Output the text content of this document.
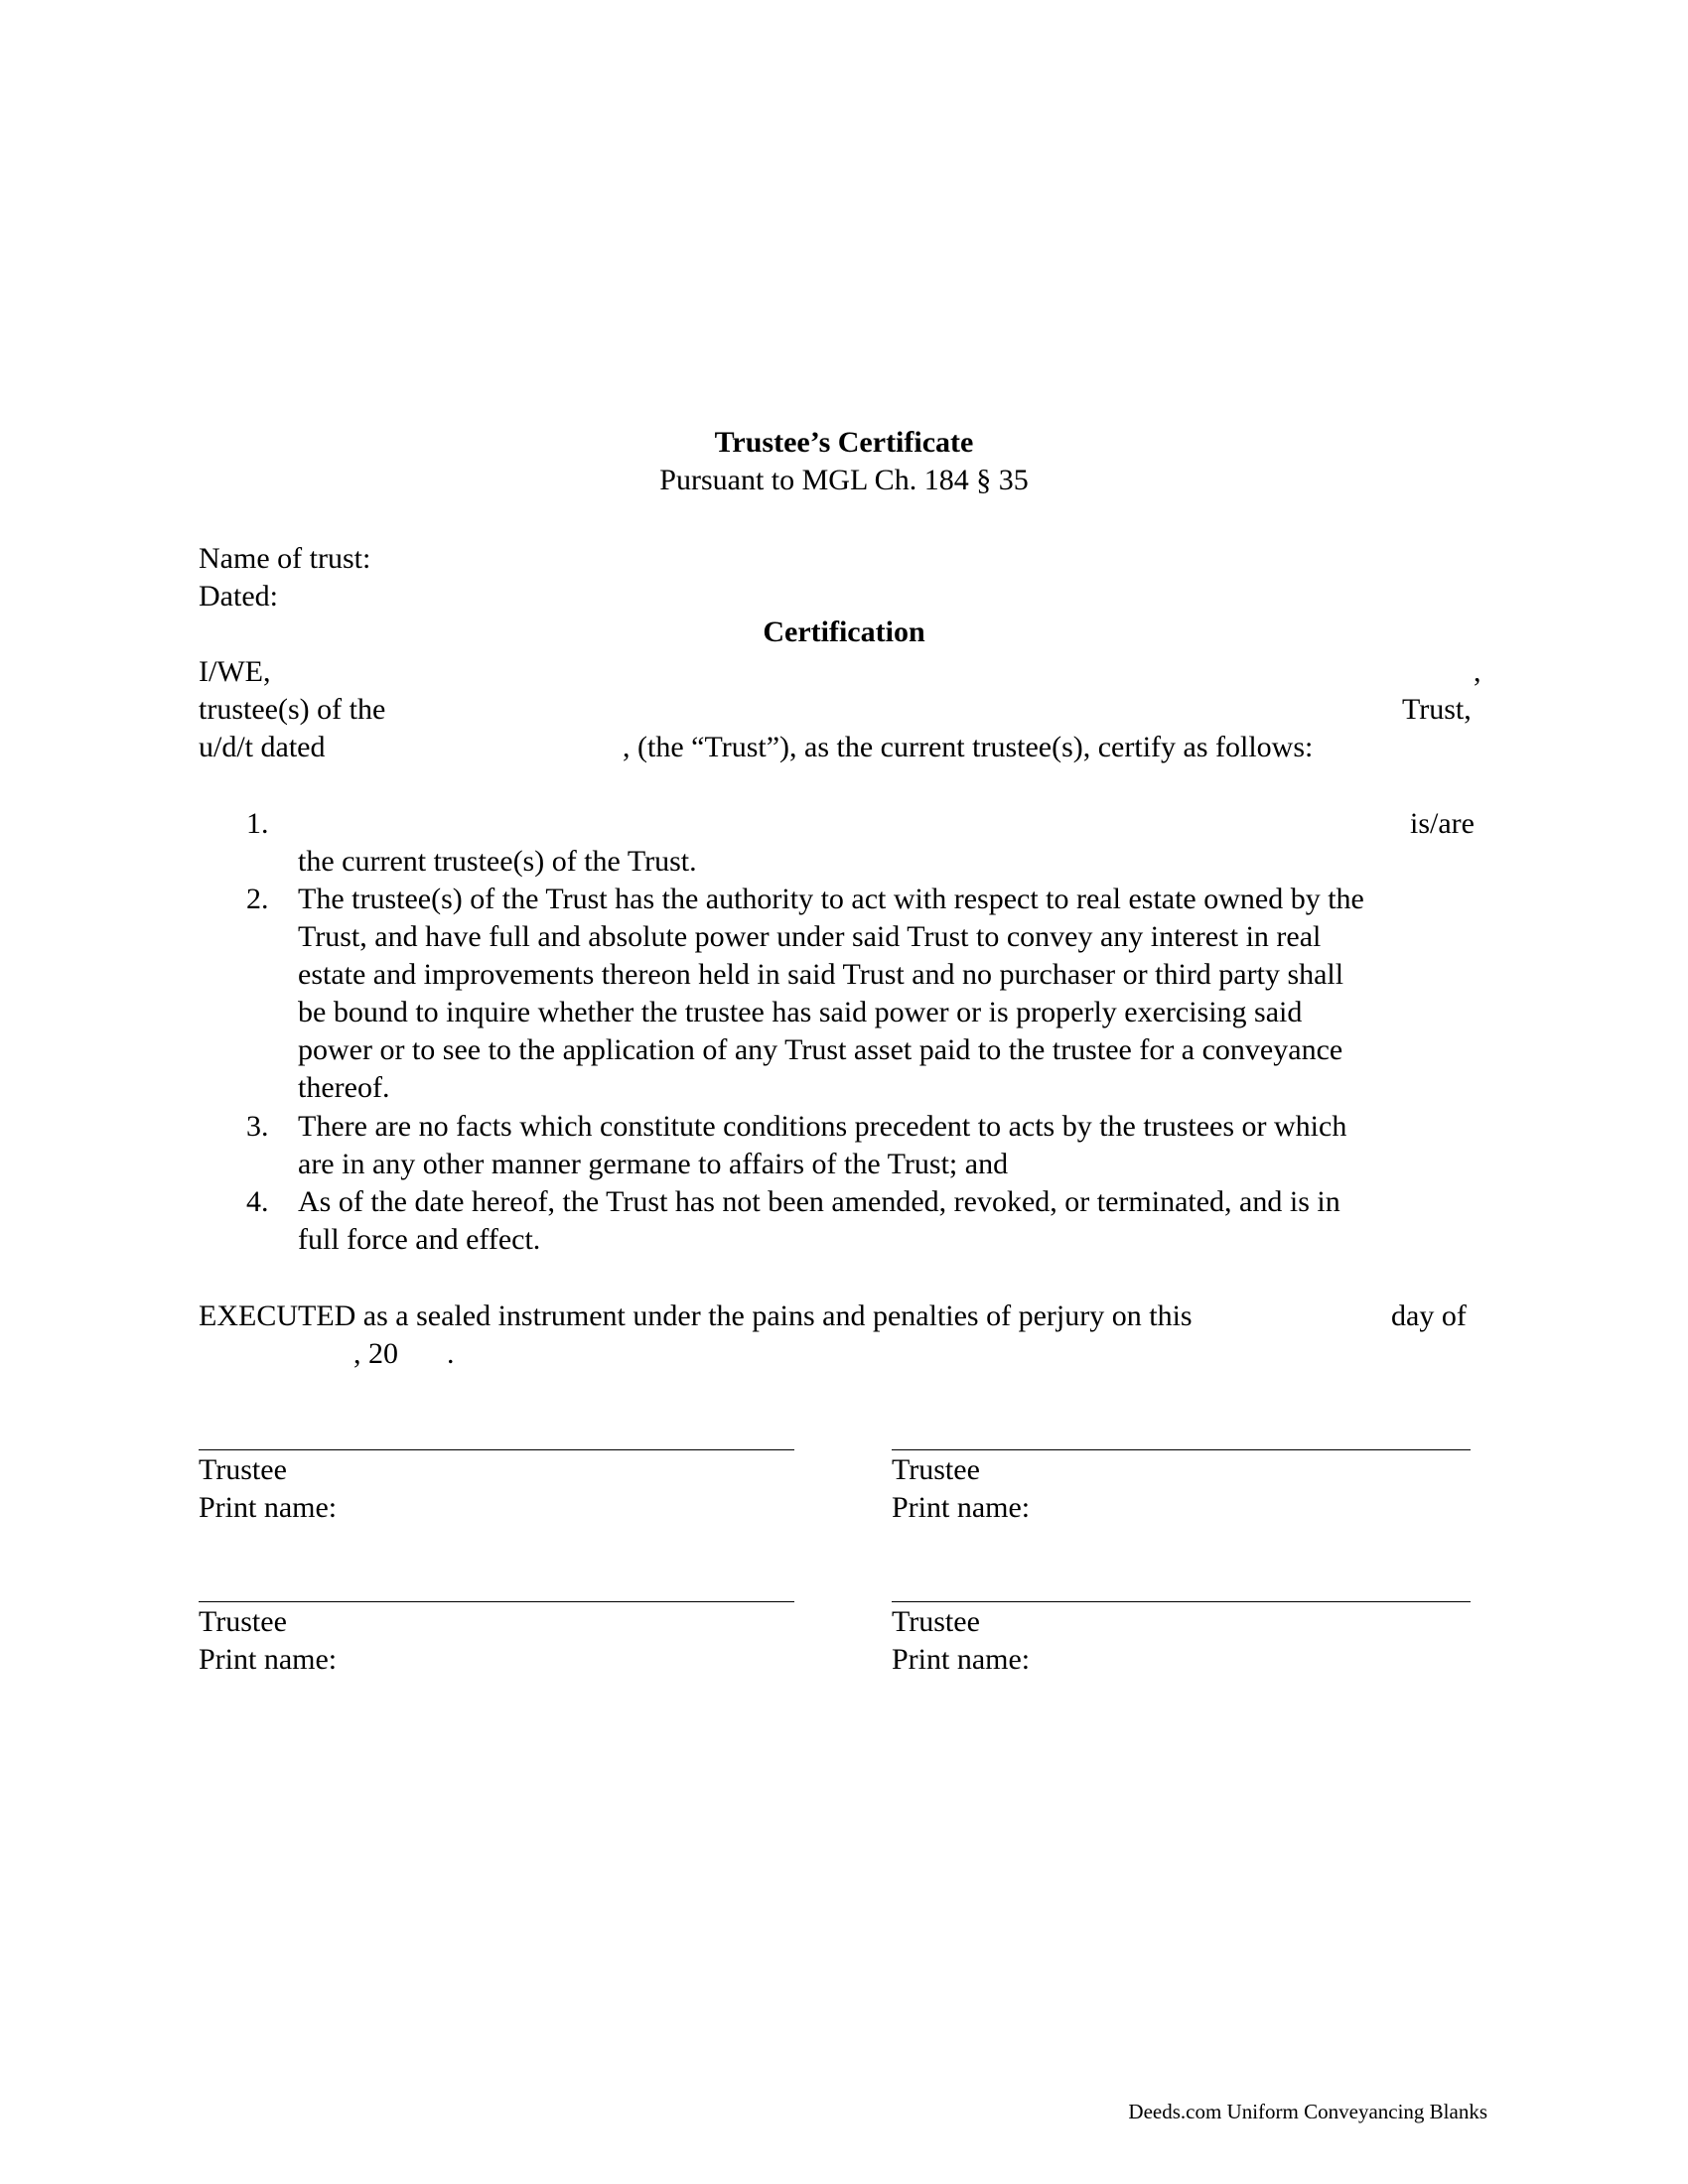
Trustee’s Certificate
Pursuant to MGL Ch. 184 § 35
Name of trust:
Dated:
Certification
I/WE,	,
trustee(s) of the	Trust,
u/d/t dated	, (the “Trust”), as the current trustee(s), certify as follows:
1.	is/are
the current trustee(s) of the Trust.
2. The trustee(s) of the Trust has the authority to act with respect to real estate owned by the
Trust, and have full and absolute power under said Trust to convey any interest in real
estate and improvements thereon held in said Trust and no purchaser or third party shall
be bound to inquire whether the trustee has said power or is properly exercising said
power or to see to the application of any Trust asset paid to the trustee for a conveyance
thereof.
3. There are no facts which constitute conditions precedent to acts by the trustees or which
are in any other manner germane to affairs of the Trust; and
4. As of the date hereof, the Trust has not been amended, revoked, or terminated, and is in
full force and effect.
EXECUTED as a sealed instrument under the pains and penalties of perjury on this	day of
, 20 .
Trustee
Print name:
Trustee
Print name:
Trustee
Print name:
Trustee
Print name:
Deeds.com Uniform Conveyancing Blanks
